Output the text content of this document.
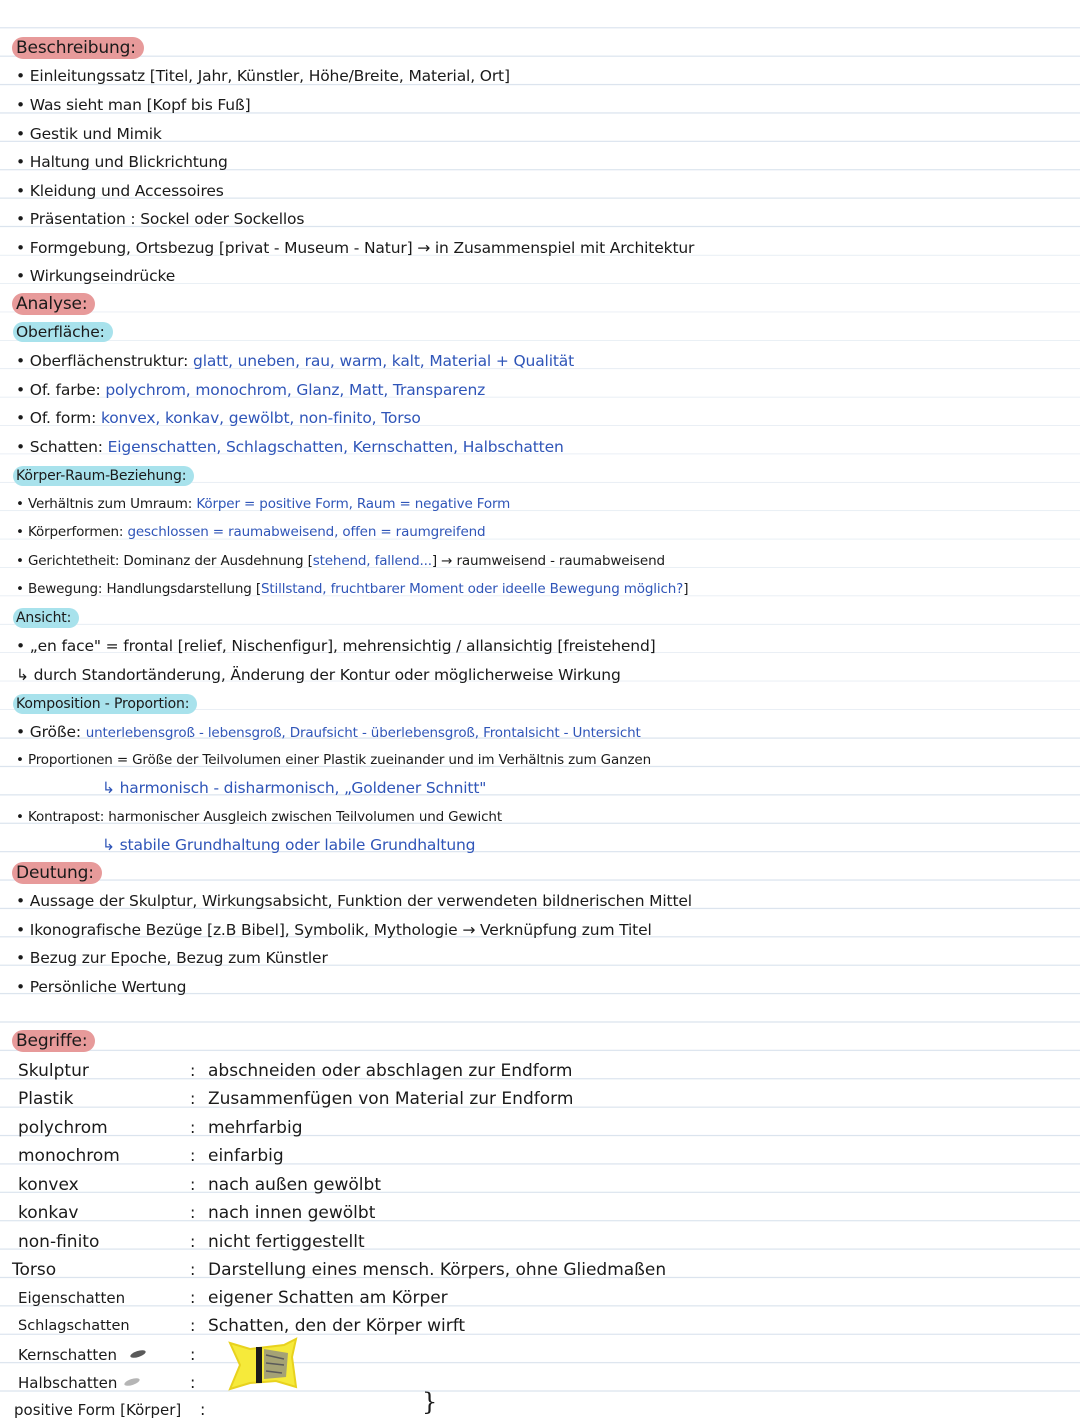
Beschreibung:
• Einleitungssatz [Titel, Jahr, Künstler, Höhe/Breite, Material, Ort]
• Was sieht man [Kopf bis Fuß]
• Gestik und Mimik
• Haltung und Blickrichtung
• Kleidung und Accessoires
• Präsentation : Sockel oder Sockellos
• Formgebung, Ortsbezug [privat - Museum - Natur] → in Zusammenspiel mit Architektur
• Wirkungseindrücke
Analyse:
Oberfläche:
• Oberflächenstruktur: glatt, uneben, rau, warm, kalt, Material + Qualität
• Of. farbe: polychrom, monochrom, Glanz, Matt, Transparenz
• Of. form: konvex, konkav, gewölbt, non-finito, Torso
• Schatten: Eigenschatten, Schlagschatten, Kernschatten, Halbschatten
Körper-Raum-Beziehung:
• Verhältnis zum Umraum: Körper = positive Form, Raum = negative Form
• Körperformen: geschlossen = raumabweisend, offen = raumgreifend
• Gerichtetheit: Dominanz der Ausdehnung [stehend, fallend...] → raumweisend - raumabweisend
• Bewegung: Handlungsdarstellung [Stillstand, fruchtbarer Moment oder ideelle Bewegung möglich?]
Ansicht:
• „en face" = frontal [relief, Nischenfigur], mehrensichtig / allansichtig [freistehend]
↳ durch Standortänderung, Änderung der Kontur oder möglicherweise Wirkung
Komposition - Proportion:
• Größe: unterlebensgroß - lebensgroß, Draufsicht - überlebensgroß, Frontalsicht - Untersicht
• Proportionen = Größe der Teilvolumen einer Plastik zueinander und im Verhältnis zum Ganzen
↳ harmonisch - disharmonisch, „Goldener Schnitt"
• Kontrapost: harmonischer Ausgleich zwischen Teilvolumen und Gewicht
↳ stabile Grundhaltung oder labile Grundhaltung
Deutung:
• Aussage der Skulptur, Wirkungsabsicht, Funktion der verwendeten bildnerischen Mittel
• Ikonografische Bezüge [z.B Bibel], Symbolik, Mythologie → Verknüpfung zum Titel
• Bezug zur Epoche, Bezug zum Künstler
• Persönliche Wertung
Begriffe:
Skulptur	: abschneiden oder abschlagen zur Endform
Plastik	: Zusammenfügen von Material zur Endform
polychrom	: mehrfarbig
monochrom	: einfarbig
konvex	: nach außen gewölbt
konkav	: nach innen gewölbt
non-finito	: nicht fertiggestellt
Torso	: Darstellung eines mensch. Körpers, ohne Gliedmaßen
Eigenschatten	: eigener Schatten am Körper
Schlagschatten	: Schatten, den der Körper wirft
Kernschatten	:
Halbschatten	:
positive Form [Körper] :	}
